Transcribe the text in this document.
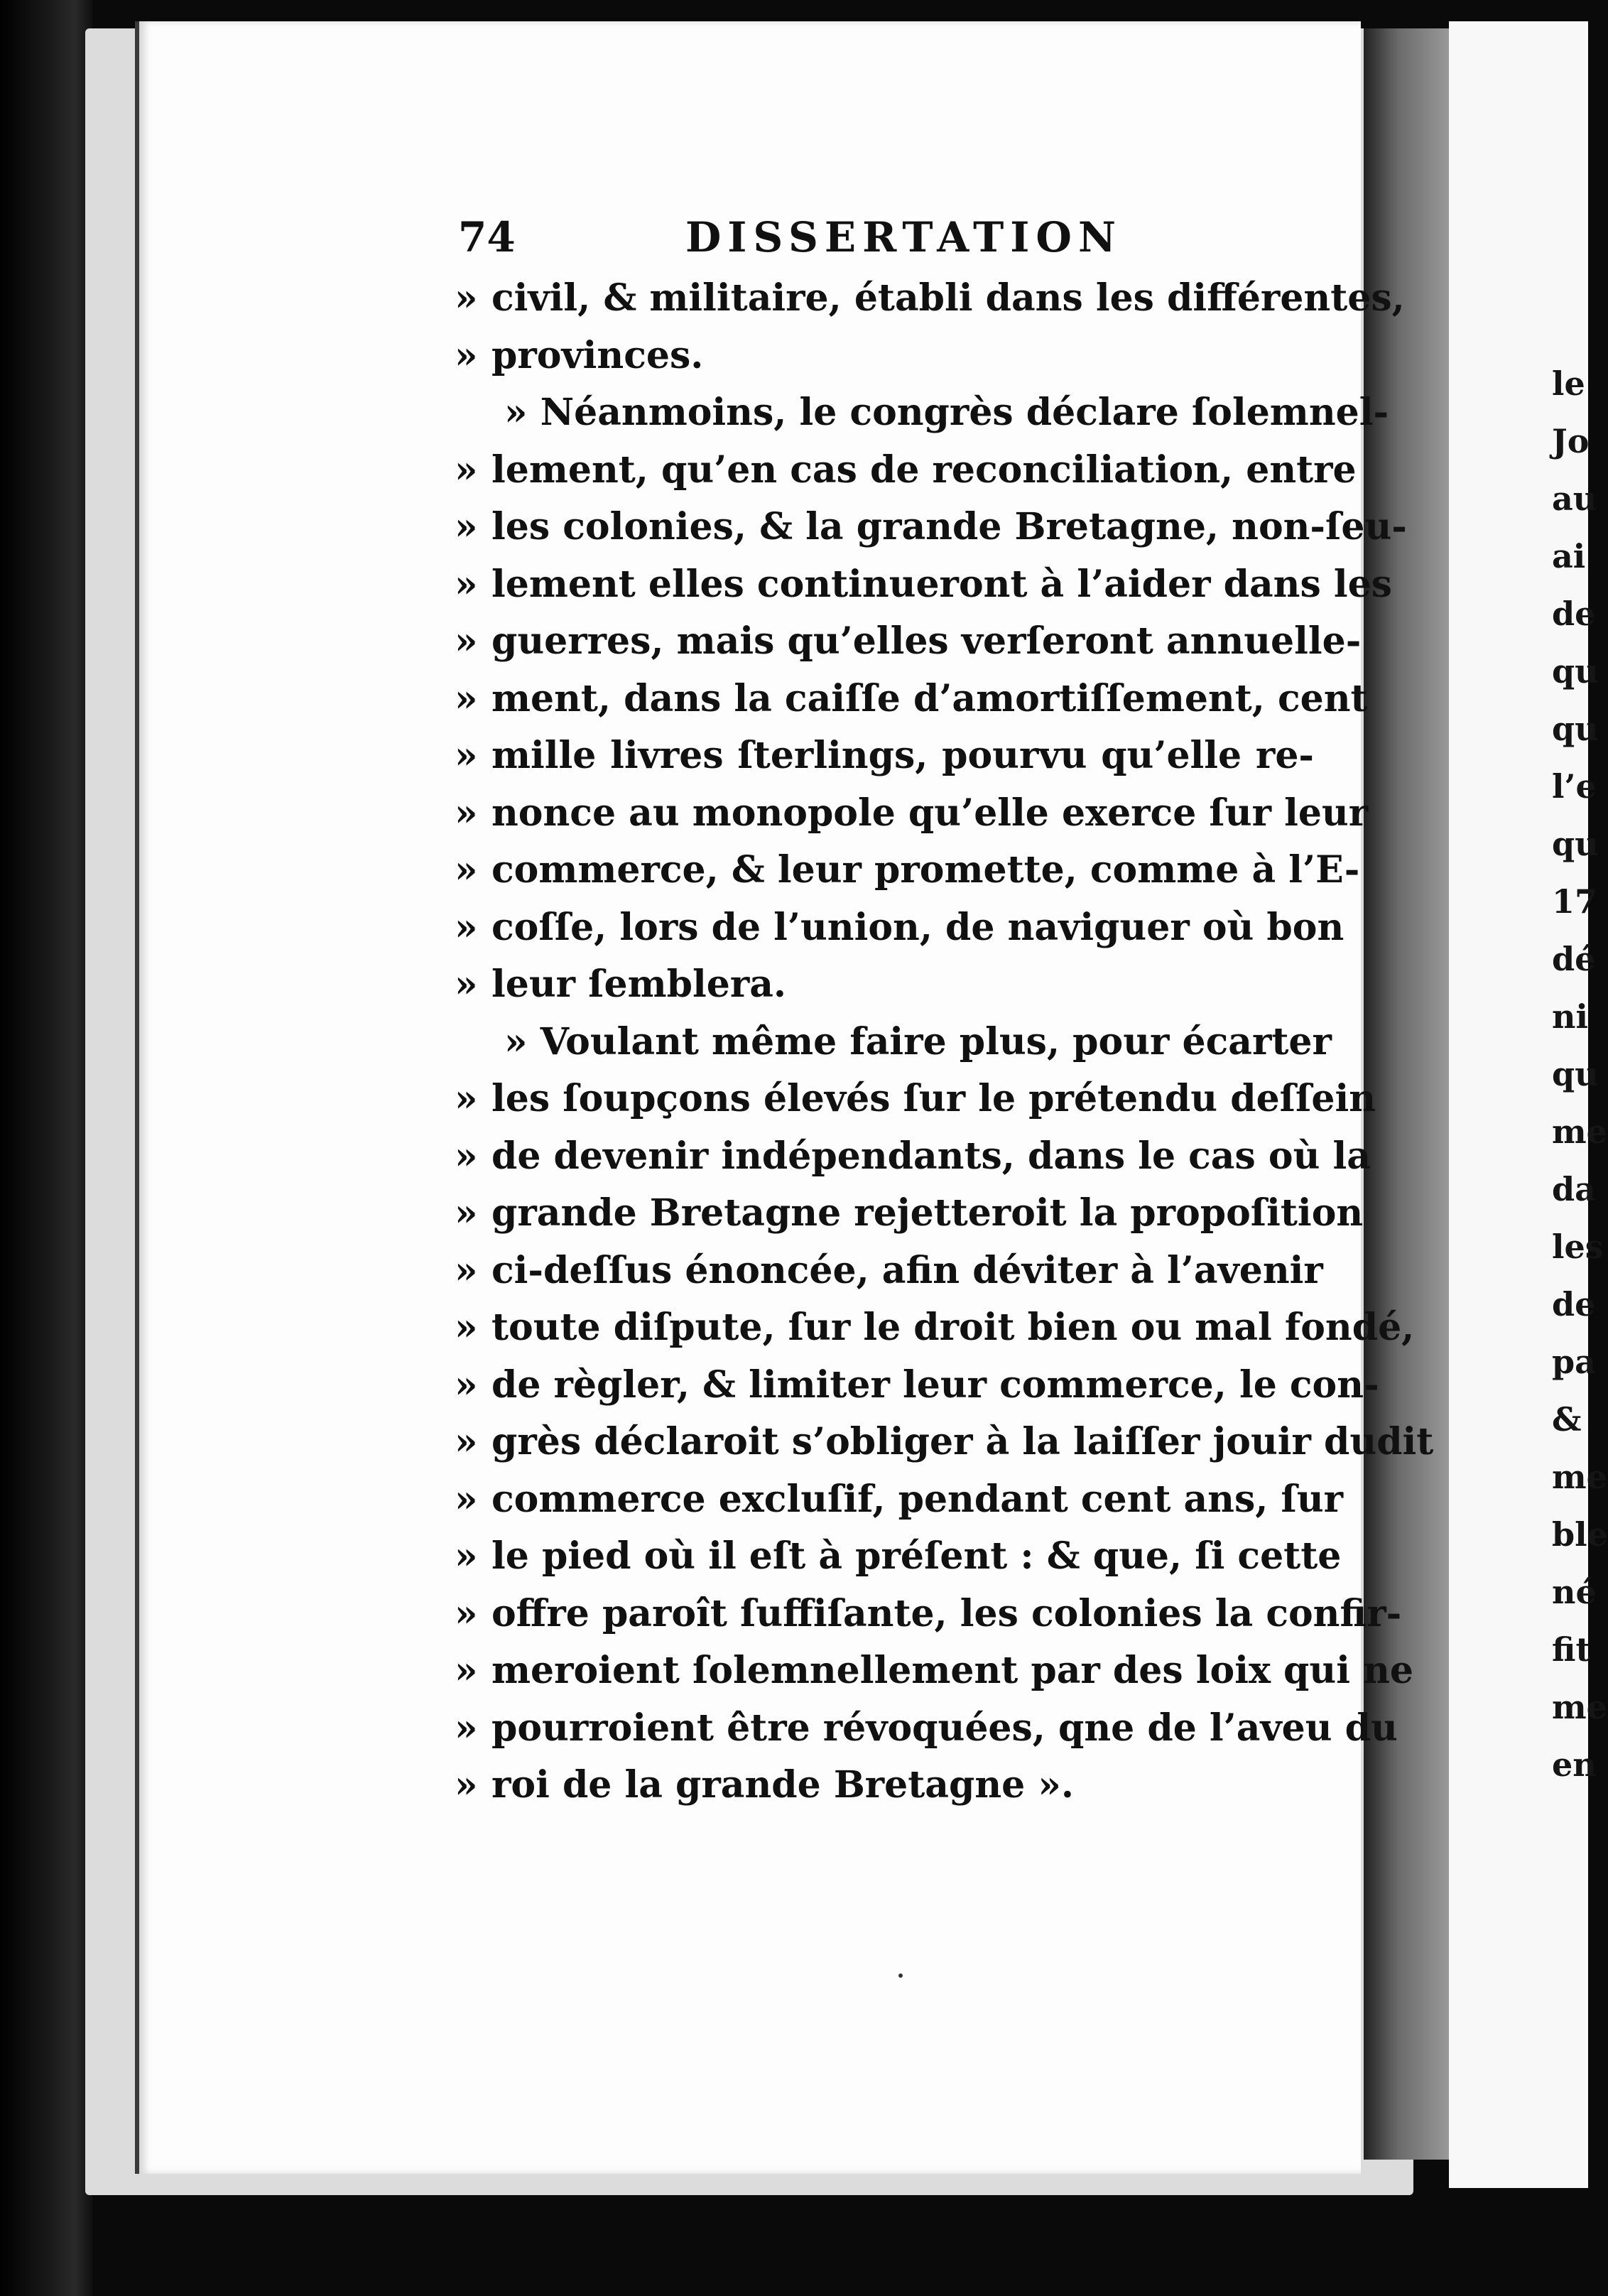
le
Jo
au
ai
de
qu
qu
l’e
qu
17
dé
ni
qu
me
da
les
de
pa
&
me
ble
né
fit
me
en
74	DISSERTATION
» civil, & militaire, établi dans les différentes,
» provinces.
» Néanmoins, le congrès déclare ſolemnel-
» lement, qu’en cas de reconciliation, entre
» les colonies, & la grande Bretagne, non-ſeu-
» lement elles continueront à l’aider dans les
» guerres, mais qu’elles verſeront annuelle-
» ment, dans la caiſſe d’amortiſſement, cent
» mille livres ſterlings, pourvu qu’elle re-
» nonce au monopole qu’elle exerce ſur leur
» commerce, & leur promette, comme à l’E-
» coſſe, lors de l’union, de naviguer où bon
» leur ſemblera.
» Voulant même faire plus, pour écarter
» les ſoupçons élevés ſur le prétendu deſſein
» de devenir indépendants, dans le cas où la
» grande Bretagne rejetteroit la propoſition
» ci-deſſus énoncée, afin déviter à l’avenir
» toute diſpute, ſur le droit bien ou mal fondé,
» de règler, & limiter leur commerce, le con-
» grès déclaroit s’obliger à la laiſſer jouir dudit
» commerce excluſif, pendant cent ans, ſur
» le pied où il eſt à préſent : & que, ſi cette
» offre paroît ſuffiſante, les colonies la confir-
» meroient ſolemnellement par des loix qui ne
» pourroient être révoquées, qne de l’aveu du
» roi de la grande Bretagne ».
